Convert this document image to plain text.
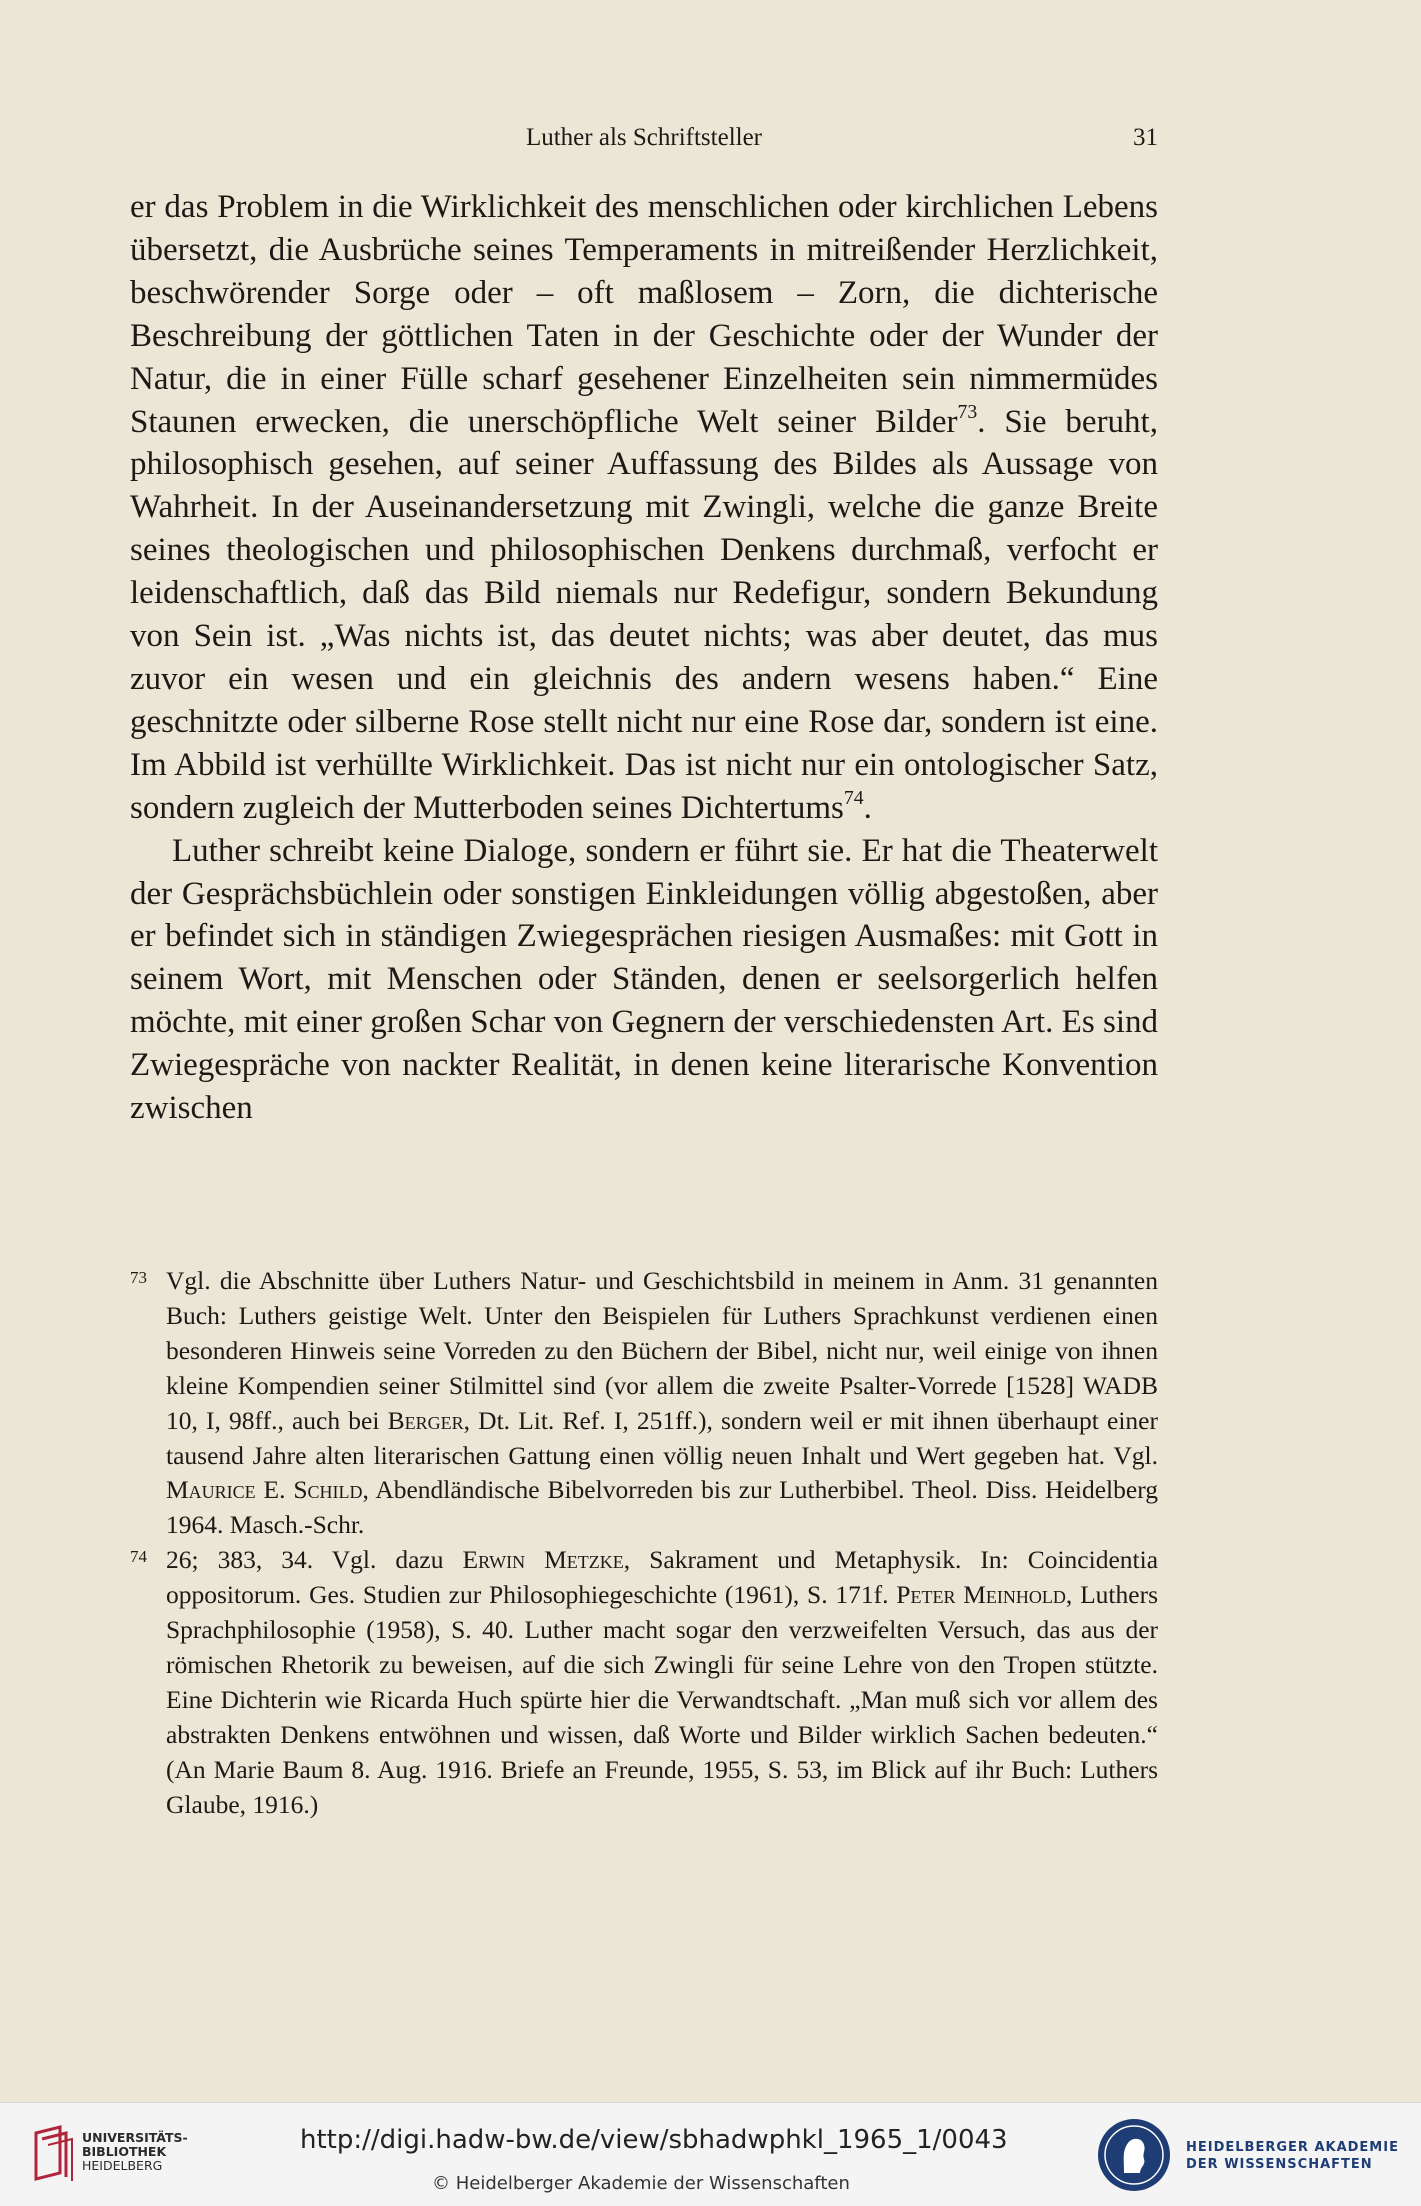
Luther als Schriftsteller	31

er das Problem in die Wirklichkeit des menschlichen oder kirchlichen Lebens übersetzt, die Ausbrüche seines Temperaments in mitreißender Herzlichkeit, beschwörender Sorge oder – oft maßlosem – Zorn, die dichterische Beschreibung der göttlichen Taten in der Geschichte oder der Wunder der Natur, die in einer Fülle scharf gesehener Einzelheiten sein nimmermüdes Staunen erwecken, die unerschöpfliche Welt seiner Bilder$^{73}$. Sie beruht, philosophisch gesehen, auf seiner Auffassung des Bildes als Aussage von Wahrheit. In der Auseinandersetzung mit Zwingli, welche die ganze Breite seines theologischen und philosophischen Denkens durchmaß, verfocht er leidenschaftlich, daß das Bild niemals nur Redefigur, sondern Bekundung von Sein ist. „Was nichts ist, das deutet nichts; was aber deutet, das mus zuvor ein wesen und ein gleichnis des andern wesens haben.“ Eine geschnitzte oder silberne Rose stellt nicht nur eine Rose dar, sondern ist eine. Im Abbild ist verhüllte Wirklichkeit. Das ist nicht nur ein ontologischer Satz, sondern zugleich der Mutterboden seines Dichtertums$^{74}$.

Luther schreibt keine Dialoge, sondern er führt sie. Er hat die Theaterwelt der Gesprächsbüchlein oder sonstigen Einkleidungen völlig abgestoßen, aber er befindet sich in ständigen Zwiegesprächen riesigen Ausmaßes: mit Gott in seinem Wort, mit Menschen oder Ständen, denen er seelsorgerlich helfen möchte, mit einer großen Schar von Gegnern der verschiedensten Art. Es sind Zwiegespräche von nackter Realität, in denen keine literarische Konvention zwischen

73 Vgl. die Abschnitte über Luthers Natur- und Geschichtsbild in meinem in Anm. 31 genannten Buch: Luthers geistige Welt. Unter den Beispielen für Luthers Sprachkunst verdienen einen besonderen Hinweis seine Vorreden zu den Büchern der Bibel, nicht nur, weil einige von ihnen kleine Kompendien seiner Stilmittel sind (vor allem die zweite Psalter-Vorrede [1528] WADB 10, I, 98ff., auch bei Berger, Dt. Lit. Ref. I, 251ff.), sondern weil er mit ihnen überhaupt einer tausend Jahre alten literarischen Gattung einen völlig neuen Inhalt und Wert gegeben hat. Vgl. Maurice E. Schild, Abendländische Bibelvorreden bis zur Lutherbibel. Theol. Diss. Heidelberg 1964. Masch.-Schr.

74 26; 383, 34. Vgl. dazu Erwin Metzke, Sakrament und Metaphysik. In: Coincidentia oppositorum. Ges. Studien zur Philosophiegeschichte (1961), S. 171f. Peter Meinhold, Luthers Sprachphilosophie (1958), S. 40. Luther macht sogar den verzweifelten Versuch, das aus der römischen Rhetorik zu beweisen, auf die sich Zwingli für seine Lehre von den Tropen stützte. Eine Dichterin wie Ricarda Huch spürte hier die Verwandtschaft. „Man muß sich vor allem des abstrakten Denkens entwöhnen und wissen, daß Worte und Bilder wirklich Sachen bedeuten.“ (An Marie Baum 8. Aug. 1916. Briefe an Freunde, 1955, S. 53, im Blick auf ihr Buch: Luthers Glaube, 1916.)

UNIVERSITÄTS-
BIBLIOTHEK
HEIDELBERG
http://digi.hadw-bw.de/view/sbhadwphkl_1965_1/0043
© Heidelberger Akademie der Wissenschaften
HEIDELBERGER AKADEMIE
DER WISSENSCHAFTEN
